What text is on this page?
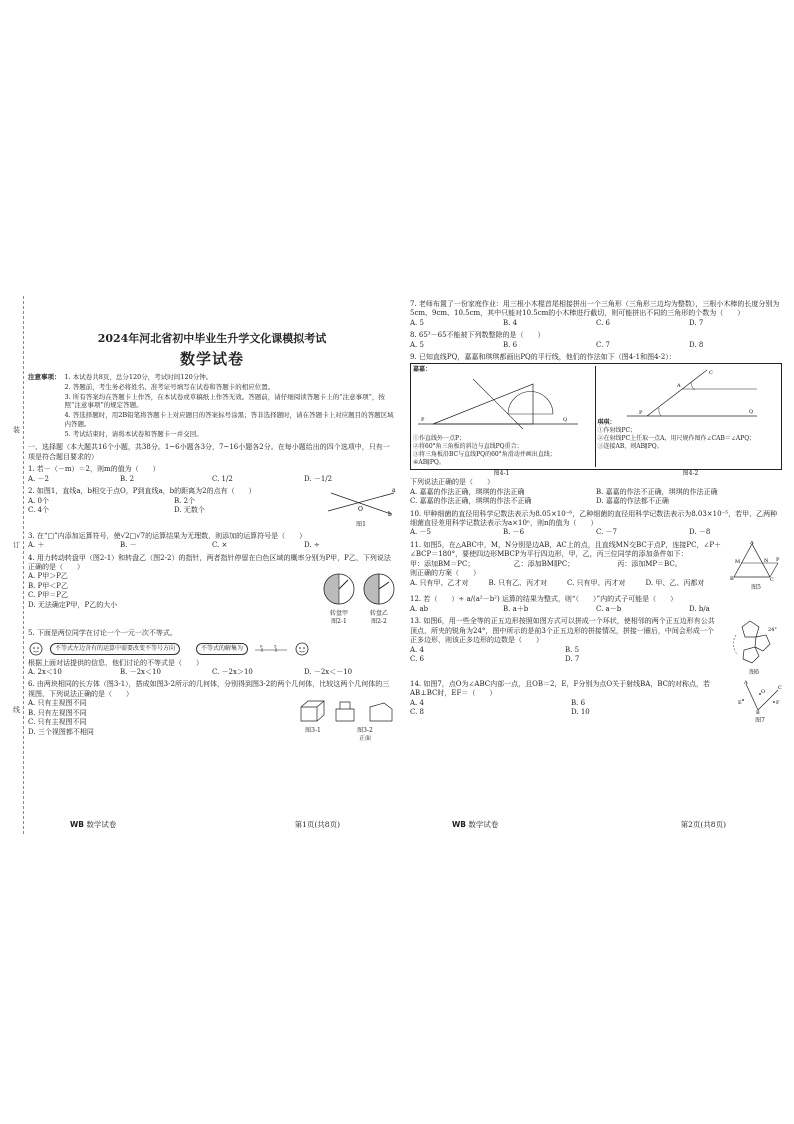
装
订
线
2024年河北省初中毕业生升学文化课模拟考试
数学试卷
注意事项： 1. 本试卷共8页，总分120分，考试时间120分钟。
2. 答题前，考生务必将姓名、准考证号填写在试卷和答题卡的相应位置。
3. 所有答案均在答题卡上作答，在本试卷或草稿纸上作答无效。答题前，请仔细阅读答题卡上的“注意事项”，按照“注意事项”的规定答题。
4. 答选择题时，用2B铅笔将答题卡上对应题目的答案标号涂黑；答非选择题时，请在答题卡上对应题目的答题区域内答题。
5. 考试结束时，请将本试卷和答题卡一并交回。
一、选择题（本大题共16个小题，共38分。1~6小题各3分，7~16小题各2分。在每小题给出的四个选项中，只有一项是符合题目要求的）
1. 若－（－m）＝2，则m的值为（　　）
A. －2	B. 2	C. 1/2	D. －1/2
2. 如图1，直线a，b相交于点O，P到直线a，b的距离为2的点有（　　）
A. 0个	B. 2个
C. 4个	D. 无数个
a
b
O
图1
3. 在“□”内添加运算符号，使√2□√7的运算结果为无理数，则添加的运算符号是（　　）
A. ＋	B. －	C. ×	D. ÷
4. 用力转动转盘甲（图2-1）和转盘乙（图2-2）的指针，两者指针停留在白色区域的概率分别为P甲，P乙，下列说法正确的是（　　）
A. P甲＞P乙
B. P甲＜P乙
C. P甲＝P乙
D. 无法确定P甲，P乙的大小
转盘甲
图2-1
转盘乙
图2-2
5. 下面是两位同学在讨论一个一元一次不等式。
不等式左边含有的运算中需要改变不等号方向	不等式的解集为	0	5
根据上面对话提供的信息，他们讨论的不等式是（　　）
A. 2x＜10	B. －2x＜10	C. －2x＞10	D. －2x＜－10
6. 由两块相同的长方体（图3-1），搭成如图3-2所示的几何体，分别得到图3-2的两个几何体，比较这两个几何体的三视图，下列说法正确的是（　　）
A. 只有主视图不同
B. 只有左视图不同
C. 只有主视图不同
D. 三个视图都不相同	图3-1	图3-2
正面
WB 数学试卷	第1页(共8页)
7. 老师布置了一份家庭作业：用三根小木棍首尾相接拼出一个三角形（三角形三边均为整数），三根小木棒的长度分别为5cm、9cm、10.5cm，其中只能对10.5cm的小木棒进行截切，则可能拼出不同的三角形的个数为（　　）
A. 5	B. 4	C. 6	D. 7
8. 65³－65不能被下列数整除的是（　　）
A. 5	B. 6	C. 7	D. 8
9. 已知直线PQ，嘉嘉和琪琪都画出PQ的平行线，他们的作法如下（图4-1和图4-2）：
嘉嘉：
Q
P
①作直线外一点P；
②将60°角三角板的斜边与直线PQ重合；
③将三角板沿BC与直线PQ的60°角滑动并画出直线；
④AB∥PQ。
琪琪：
P
C
A
Q
①作射线PC；
②在射线PC上任取一点A，用尺规作图作∠CAB＝∠APQ；
③连接AB，则AB∥PQ。
图4-1	图4-2
下列说法正确的是（　　）
A. 嘉嘉的作法正确，琪琪的作法正确	B. 嘉嘉的作法不正确，琪琪的作法正确
C. 嘉嘉的作法正确，琪琪的作法不正确	D. 嘉嘉的作法都不正确
10. 甲种细菌的直径用科学记数法表示为8.05×10⁻⁶，乙种细菌的直径用科学记数法表示为8.03×10⁻⁵，若甲、乙两种细菌直径差用科学记数法表示为a×10ⁿ，则n的值为（　　）
A. －5	B. －6	C. －7	D. －8
11. 如图5，在△ABC中，M，N分别是边AB，AC上的点，且直线MN交BC于点P，连接PC，∠P＋∠BCP＝180°，要使四边形MBCP为平行四边形，甲，乙，丙三位同学的添加条件如下：
甲：添加BM＝PC；	乙：添加BM∥PC；	丙：添加MP＝BC。
则正确的方案（　　）
A. 只有甲、乙才对	B. 只有乙、丙才对	C. 只有甲、丙才对	D. 甲、乙、丙都对
A
M	N P
B	C
图5
12. 若（　　）÷ a/(a²－b²) 运算的结果为整式，则“（　　）”内的式子可能是（　　）
A. ab	B. a＋b	C. a－b	D. b/a
13. 如图6，用一些全等的正五边形按照如图方式可以拼成一个环状，使相邻的两个正五边形有公共顶点，所夹的锐角为24°，图中所示的是前3个正五边形的拼接情况，拼接一圈后，中间会形成一个正多边形，则该正多边形的边数是（　　）
A. 4	B. 5
C. 6	D. 7
24°
图6
14. 如图7，点O为∠ABC内部一点，且OB＝2，E，F分别为点O关于射线BA，BC的对称点，若AB⊥BC时，EF＝（　　）
A. 4	B. 6
C. 8	D. 10
A
C
B
O
F
E
图7
WB 数学试卷	第2页(共8页)
